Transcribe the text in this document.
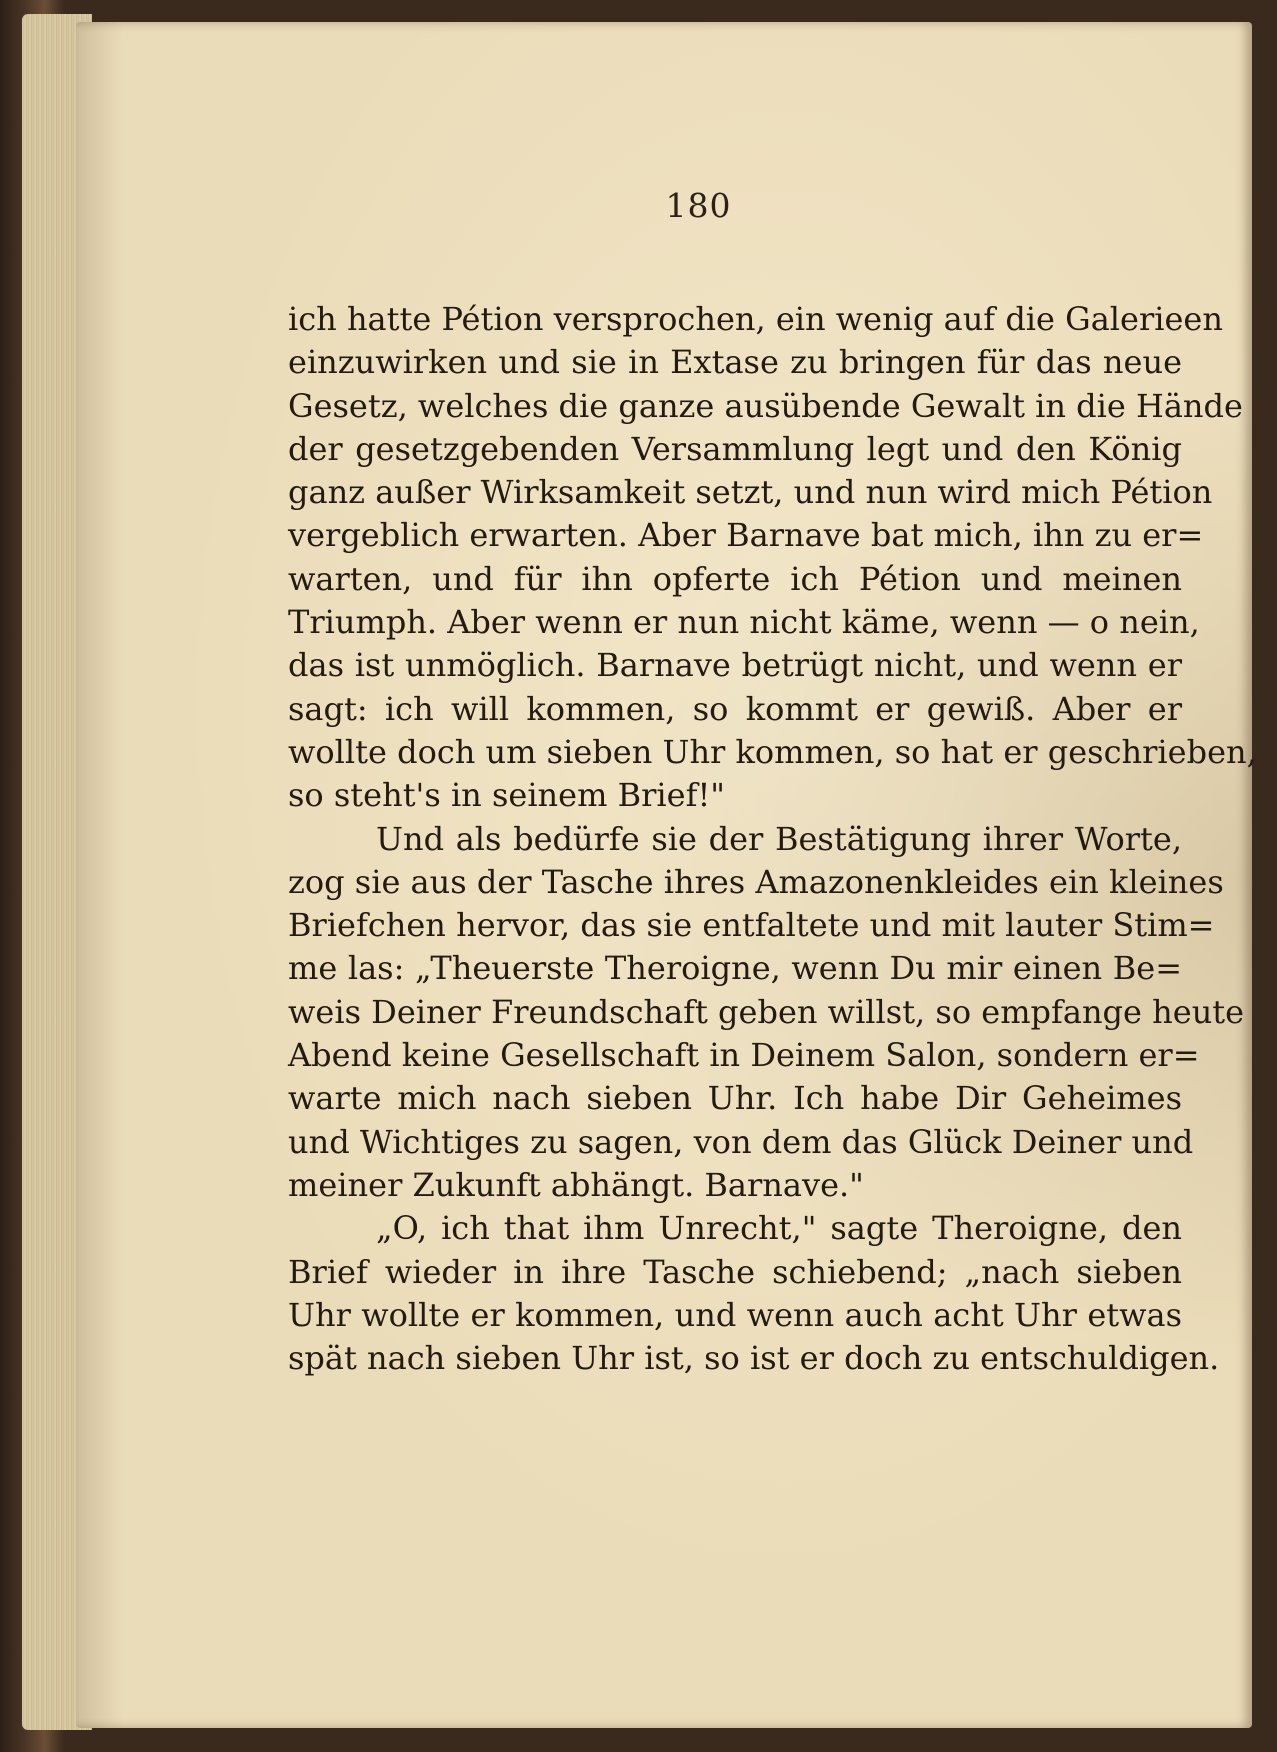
180
ich hatte Pétion versprochen, ein wenig auf die Galerieen
einzuwirken und sie in Extase zu bringen für das neue
Gesetz, welches die ganze ausübende Gewalt in die Hände
der gesetzgebenden Versammlung legt und den König
ganz außer Wirksamkeit setzt, und nun wird mich Pétion
vergeblich erwarten. Aber Barnave bat mich, ihn zu er=
warten, und für ihn opferte ich Pétion und meinen
Triumph. Aber wenn er nun nicht käme, wenn — o nein,
das ist unmöglich. Barnave betrügt nicht, und wenn er
sagt: ich will kommen, so kommt er gewiß. Aber er
wollte doch um sieben Uhr kommen, so hat er geschrieben,
so steht's in seinem Brief!"
Und als bedürfe sie der Bestätigung ihrer Worte,
zog sie aus der Tasche ihres Amazonenkleides ein kleines
Briefchen hervor, das sie entfaltete und mit lauter Stim=
me las: „Theuerste Theroigne, wenn Du mir einen Be=
weis Deiner Freundschaft geben willst, so empfange heute
Abend keine Gesellschaft in Deinem Salon, sondern er=
warte mich nach sieben Uhr. Ich habe Dir Geheimes
und Wichtiges zu sagen, von dem das Glück Deiner und
meiner Zukunft abhängt. Barnave."
„O, ich that ihm Unrecht," sagte Theroigne, den
Brief wieder in ihre Tasche schiebend; „nach sieben
Uhr wollte er kommen, und wenn auch acht Uhr etwas
spät nach sieben Uhr ist, so ist er doch zu entschuldigen.
